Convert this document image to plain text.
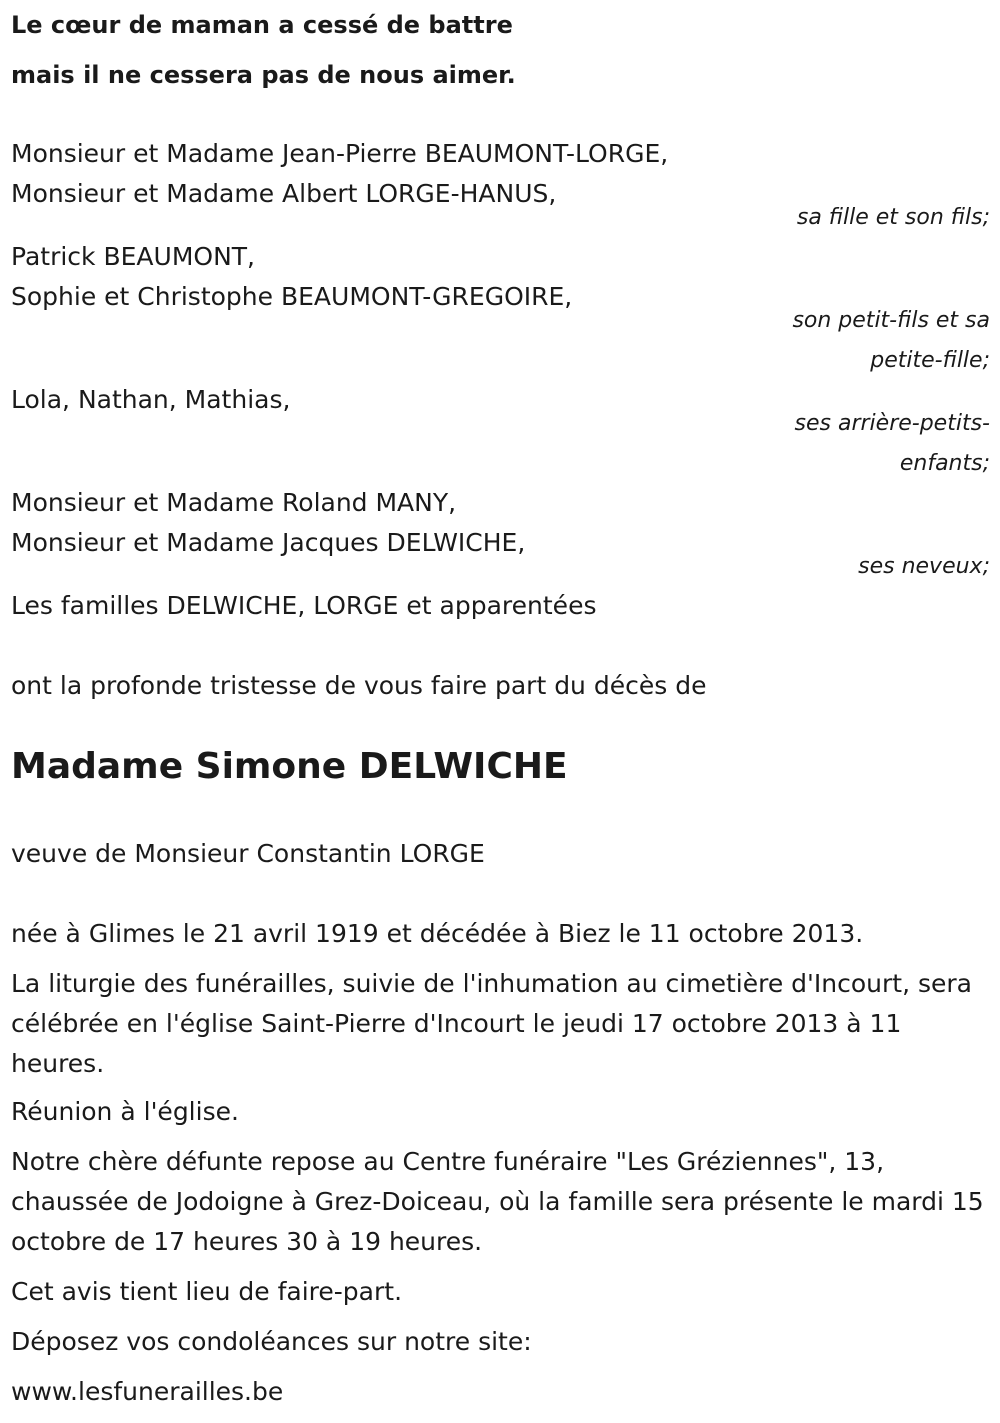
Le cœur de maman a cessé de battre
mais il ne cessera pas de nous aimer.
Monsieur et Madame Jean-Pierre BEAUMONT-LORGE,
Monsieur et Madame Albert LORGE-HANUS,
sa fille et son fils;
Patrick BEAUMONT,
Sophie et Christophe BEAUMONT-GREGOIRE,
son petit-fils et sa
petite-fille;
Lola, Nathan, Mathias,
ses arrière-petits-
enfants;
Monsieur et Madame Roland MANY,
Monsieur et Madame Jacques DELWICHE,
ses neveux;
Les familles DELWICHE, LORGE et apparentées
ont la profonde tristesse de vous faire part du décès de
Madame Simone DELWICHE
veuve de Monsieur Constantin LORGE
née à Glimes le 21 avril 1919 et décédée à Biez le 11 octobre 2013.
La liturgie des funérailles, suivie de l'inhumation au cimetière d'Incourt, sera célébrée en l'église Saint-Pierre d'Incourt le jeudi 17 octobre 2013 à 11 heures.
Réunion à l'église.
Notre chère défunte repose au Centre funéraire "Les Gréziennes", 13, chaussée de Jodoigne à Grez-Doiceau, où la famille sera présente le mardi 15 octobre de 17 heures 30 à 19 heures.
Cet avis tient lieu de faire-part.
Déposez vos condoléances sur notre site:
www.lesfunerailles.be
